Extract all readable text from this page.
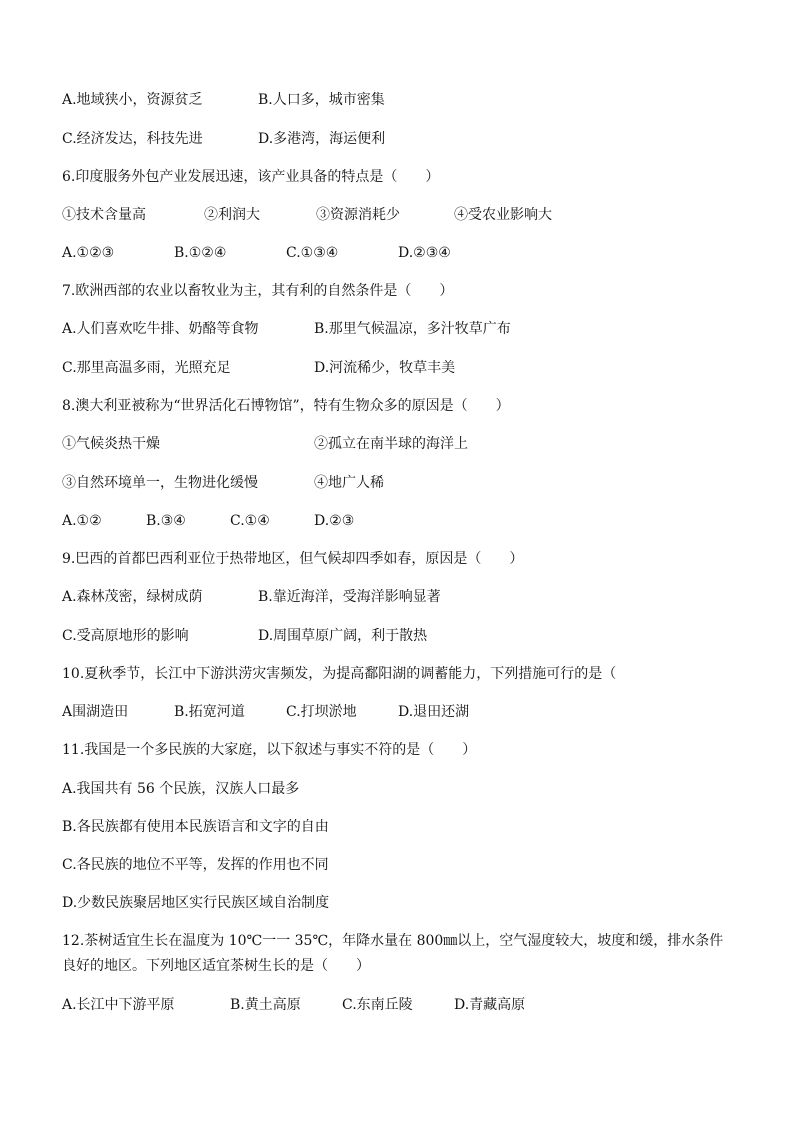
A.地域狭小，资源贫乏	B.人口多，城市密集
C.经济发达，科技先进	D.多港湾，海运便利
6.印度服务外包产业发展迅速，该产业具备的特点是（　　）
①技术含量高	②利润大	③资源消耗少	④受农业影响大
A.①②③	B.①②④	C.①③④	D.②③④
7.欧洲西部的农业以畜牧业为主，其有利的自然条件是（　　）
A.人们喜欢吃牛排、奶酪等食物	B.那里气候温凉，多汁牧草广布
C.那里高温多雨，光照充足	D.河流稀少，牧草丰美
8.澳大利亚被称为“世界活化石博物馆”，特有生物众多的原因是（　　）
①气候炎热干燥	②孤立在南半球的海洋上
③自然环境单一，生物进化缓慢	④地广人稀
A.①②	B.③④	C.①④	D.②③
9.巴西的首都巴西利亚位于热带地区，但气候却四季如春，原因是（　　）
A.森林茂密，绿树成荫	B.靠近海洋，受海洋影响显著
C.受高原地形的影响	D.周围草原广阔，利于散热
10.夏秋季节，长江中下游洪涝灾害频发，为提高鄱阳湖的调蓄能力，下列措施可行的是（
A围湖造田	B.拓宽河道	C.打坝淤地	D.退田还湖
11.我国是一个多民族的大家庭，以下叙述与事实不符的是（　　）
A.我国共有 56 个民族，汉族人口最多
B.各民族都有使用本民族语言和文字的自由
C.各民族的地位不平等，发挥的作用也不同
D.少数民族聚居地区实行民族区域自治制度
12.茶树适宜生长在温度为 10℃一一 35℃，年降水量在 800㎜以上，空气湿度较大，坡度和缓，排水条件良好的地区。下列地区适宜茶树生长的是（　　）
A.长江中下游平原	B.黄土高原	C.东南丘陵	D.青藏高原
